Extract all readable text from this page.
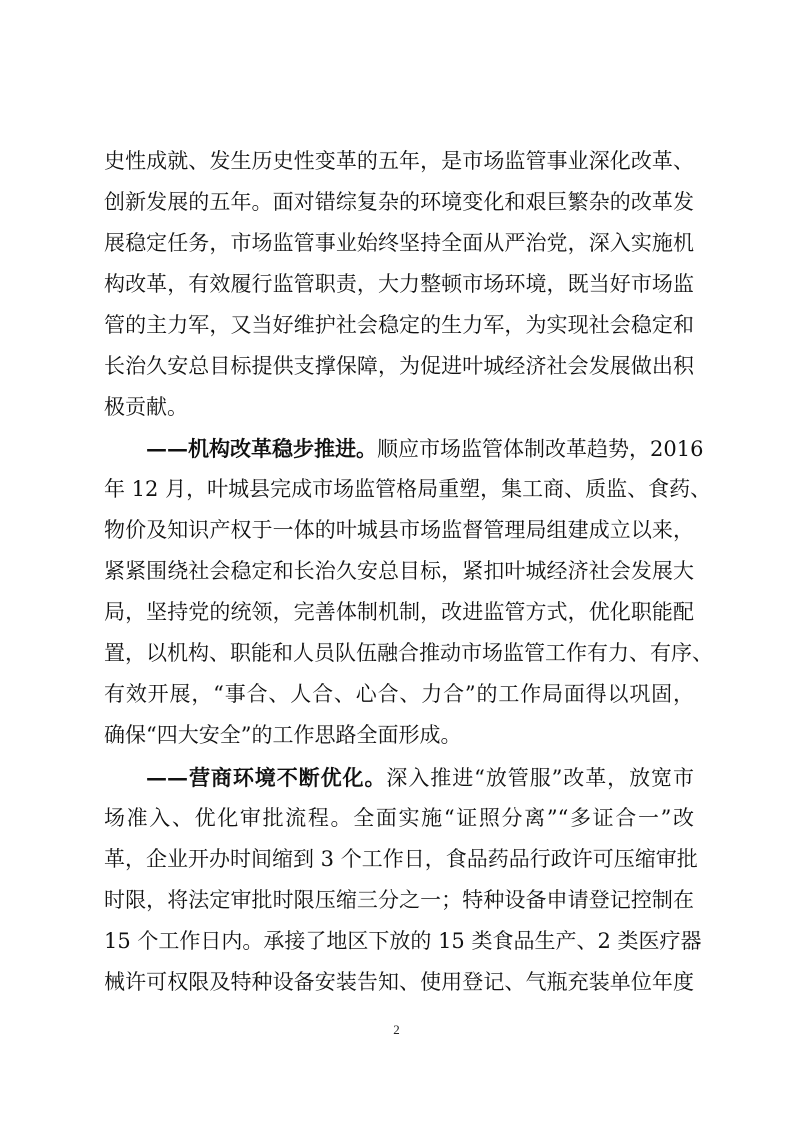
史性成就、发生历史性变革的五年，是市场监管事业深化改革、
创新发展的五年。面对错综复杂的环境变化和艰巨繁杂的改革发
展稳定任务，市场监管事业始终坚持全面从严治党，深入实施机
构改革，有效履行监管职责，大力整顿市场环境，既当好市场监
管的主力军，又当好维护社会稳定的生力军，为实现社会稳定和
长治久安总目标提供支撑保障，为促进叶城经济社会发展做出积
极贡献。
——机构改革稳步推进。顺应市场监管体制改革趋势，2016
年 12 月，叶城县完成市场监管格局重塑，集工商、质监、食药、
物价及知识产权于一体的叶城县市场监督管理局组建成立以来，
紧紧围绕社会稳定和长治久安总目标，紧扣叶城经济社会发展大
局，坚持党的统领，完善体制机制，改进监管方式，优化职能配
置，以机构、职能和人员队伍融合推动市场监管工作有力、有序、
有效开展，“事合、人合、心合、力合”的工作局面得以巩固，
确保“四大安全”的工作思路全面形成。
——营商环境不断优化。深入推进“放管服”改革，放宽市
场准入、优化审批流程。全面实施“证照分离”“多证合一”改
革，企业开办时间缩到 3 个工作日，食品药品行政许可压缩审批
时限，将法定审批时限压缩三分之一；特种设备申请登记控制在
15 个工作日内。承接了地区下放的 15 类食品生产、2 类医疗器
械许可权限及特种设备安装告知、使用登记、气瓶充装单位年度
2
